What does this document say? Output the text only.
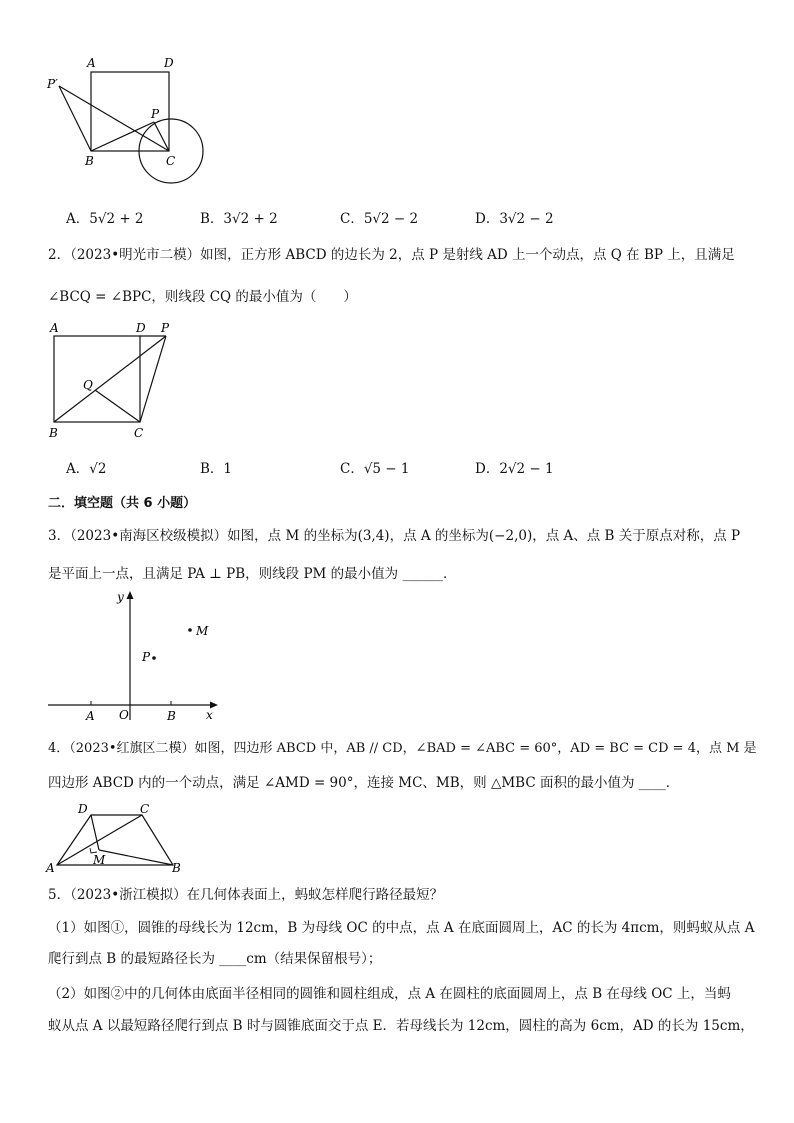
A	D
P′
P
B	C
A．5√2 + 2	B．3√2 + 2	C．5√2 − 2	D．3√2 − 2
2．（2023•明光市二模）如图，正方形 ABCD 的边长为 2，点 P 是射线 AD 上一个动点，点 Q 在 BP 上，且满足
∠BCQ = ∠BPC，则线段 CQ 的最小值为（　　）
A	D P
Q
B	C
A．√2	B．1	C．√5 − 1	D．2√2 − 1
二．填空题（共 6 小题）
3．（2023•南海区校级模拟）如图，点 M 的坐标为(3,4)，点 A 的坐标为(−2,0)，点 A、点 B 关于原点对称，点 P
是平面上一点，且满足 PA ⊥ PB，则线段 PM 的最小值为 ______．
y
x
O
A	B
M
P
4．（2023•红旗区二模）如图，四边形 ABCD 中，AB // CD，∠BAD = ∠ABC = 60°，AD = BC = CD = 4，点 M 是
四边形 ABCD 内的一个动点，满足 ∠AMD = 90°，连接 MC、MB，则 △MBC 面积的最小值为 ____．
D	C
A	B
M
5．（2023•浙江模拟）在几何体表面上，蚂蚁怎样爬行路径最短？
（1）如图①，圆锥的母线长为 12cm，B 为母线 OC 的中点，点 A 在底面圆周上，AC 的长为 4πcm，则蚂蚁从点 A
爬行到点 B 的最短路径长为 ____cm（结果保留根号）；
（2）如图②中的几何体由底面半径相同的圆锥和圆柱组成，点 A 在圆柱的底面圆周上，点 B 在母线 OC 上，当蚂
蚁从点 A 以最短路径爬行到点 B 时与圆锥底面交于点 E．若母线长为 12cm，圆柱的高为 6cm，AD 的长为 15cm，
